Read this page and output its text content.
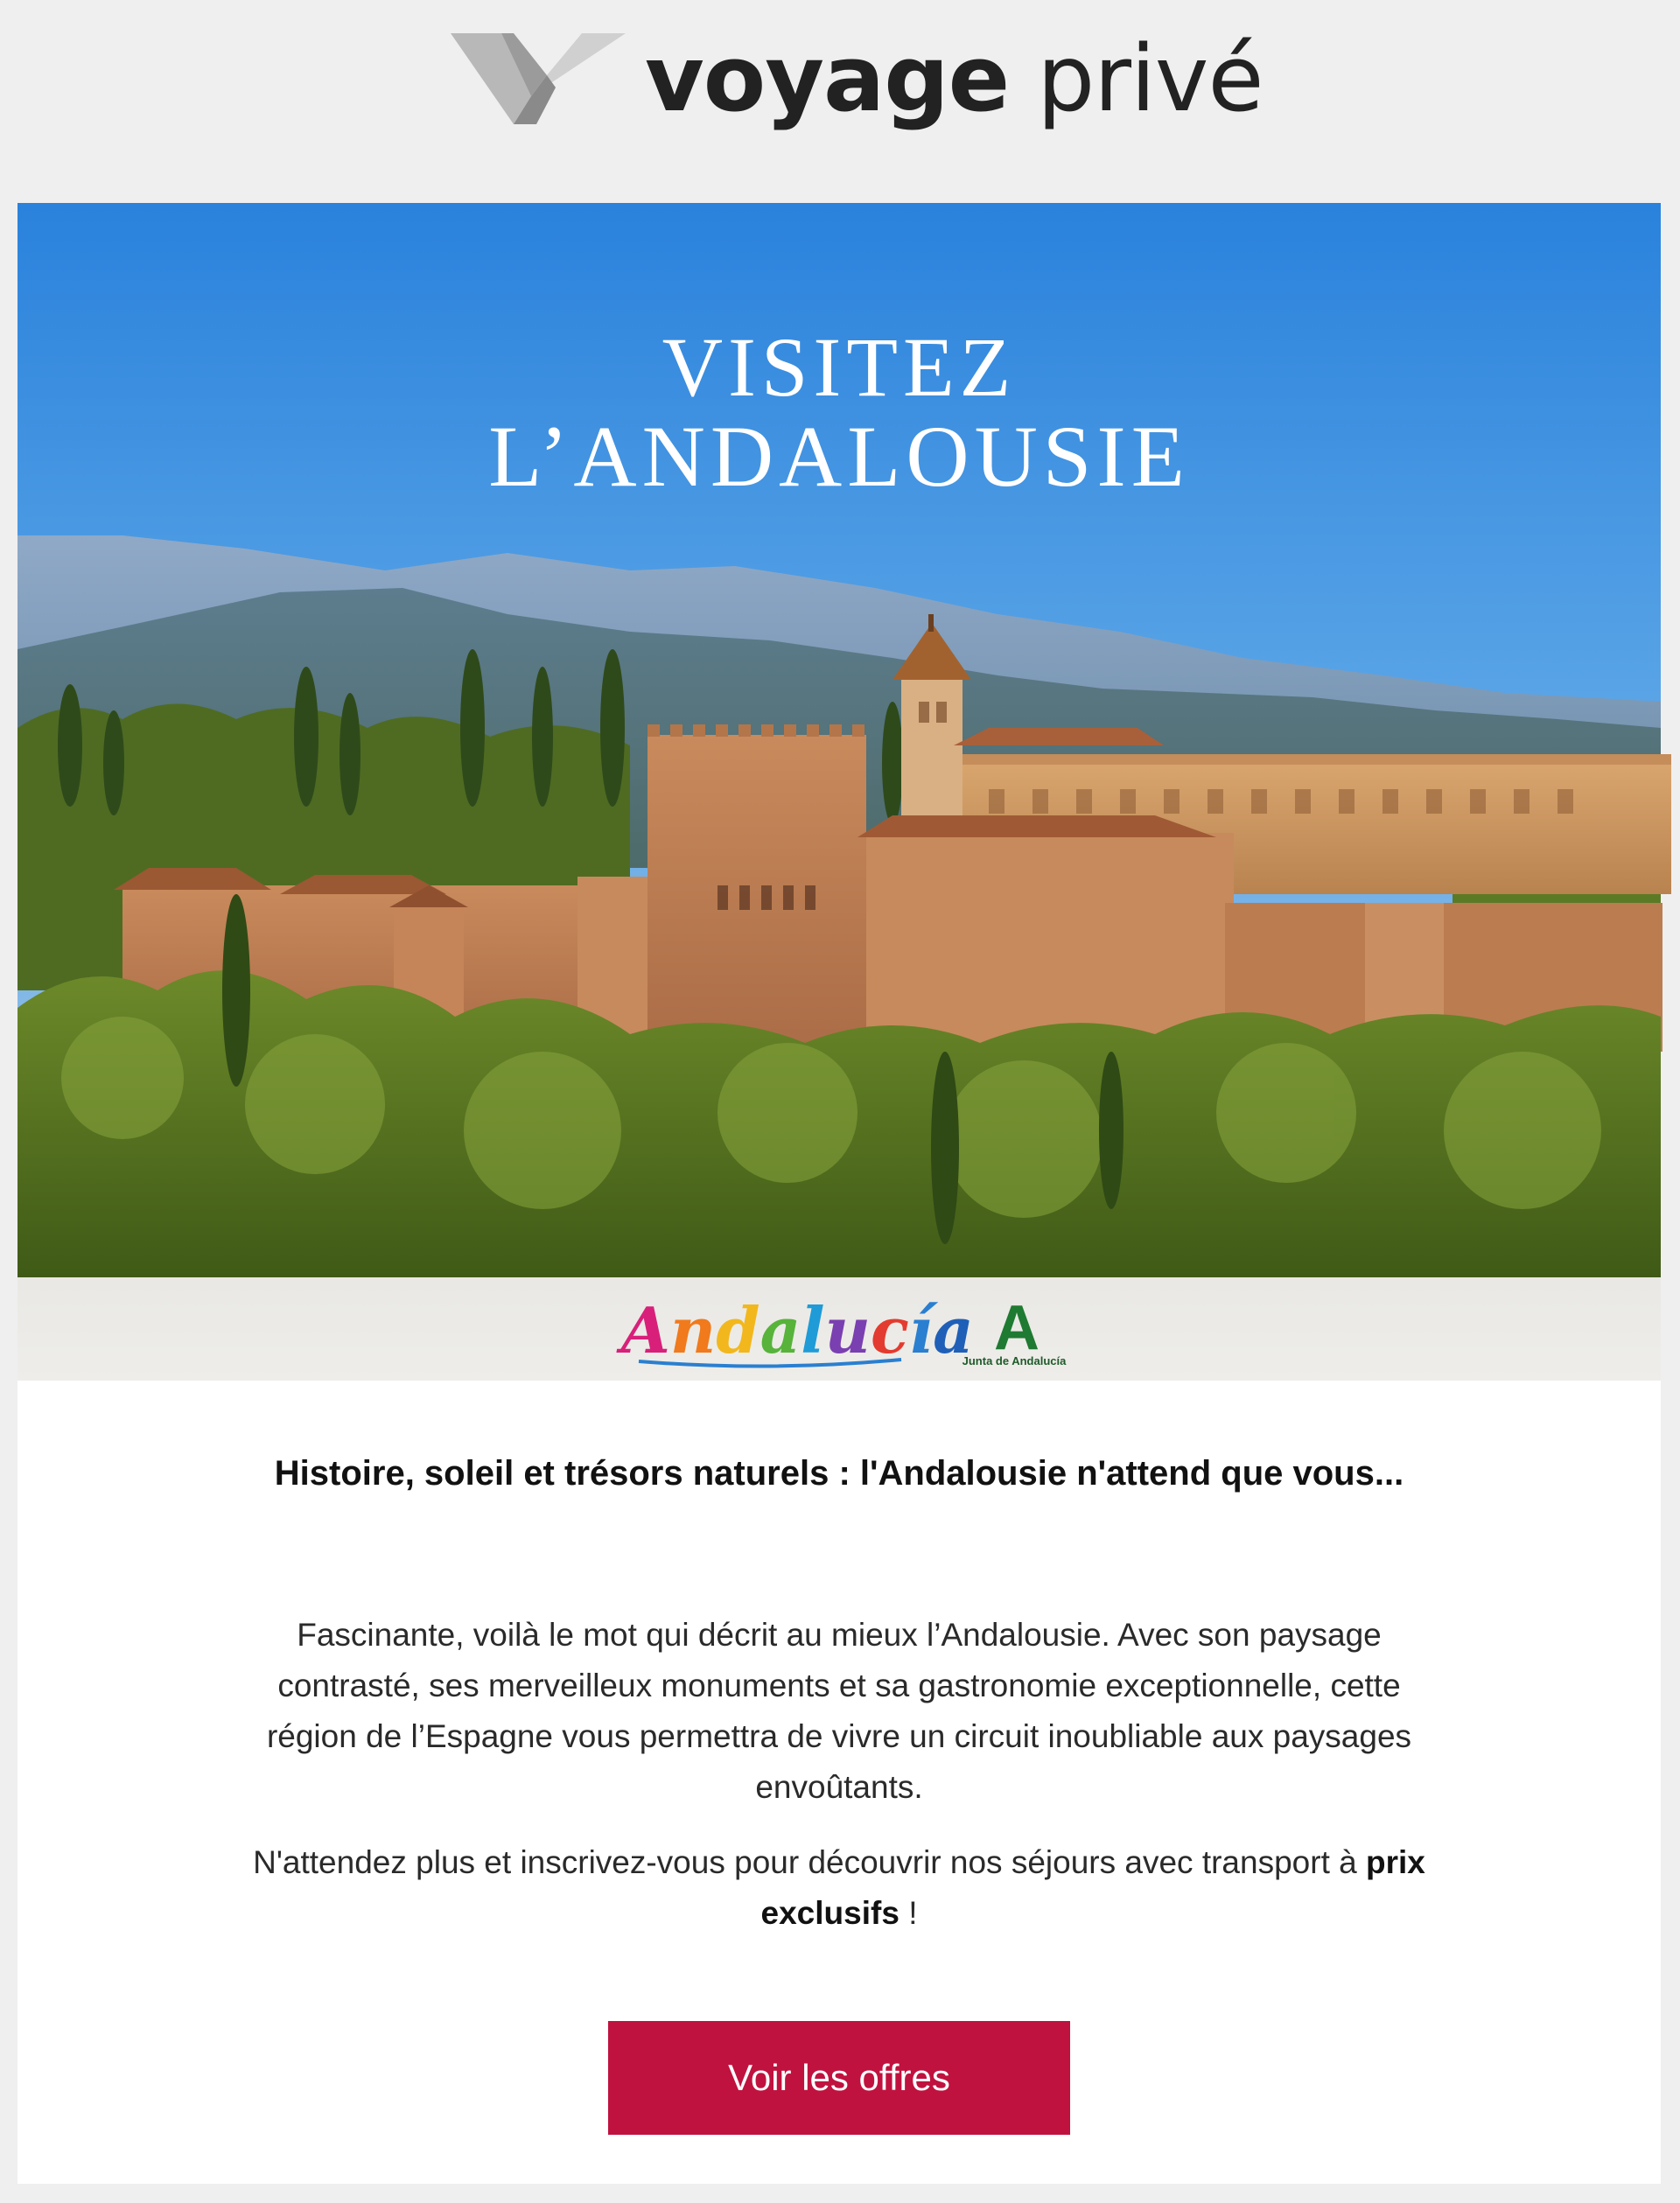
voyage privé
VISITEZ
L’ANDALOUSIE
Andalucía A
Junta de Andalucía
Histoire, soleil et trésors naturels : l'Andalousie n'attend que vous...

Fascinante, voilà le mot qui décrit au mieux l’Andalousie. Avec son paysage contrasté, ses merveilleux monuments et sa gastronomie exceptionnelle, cette région de l’Espagne vous permettra de vivre un circuit inoubliable aux paysages envoûtants.

N'attendez plus et inscrivez-vous pour découvrir nos séjours avec transport à prix exclusifs !

Voir les offres
